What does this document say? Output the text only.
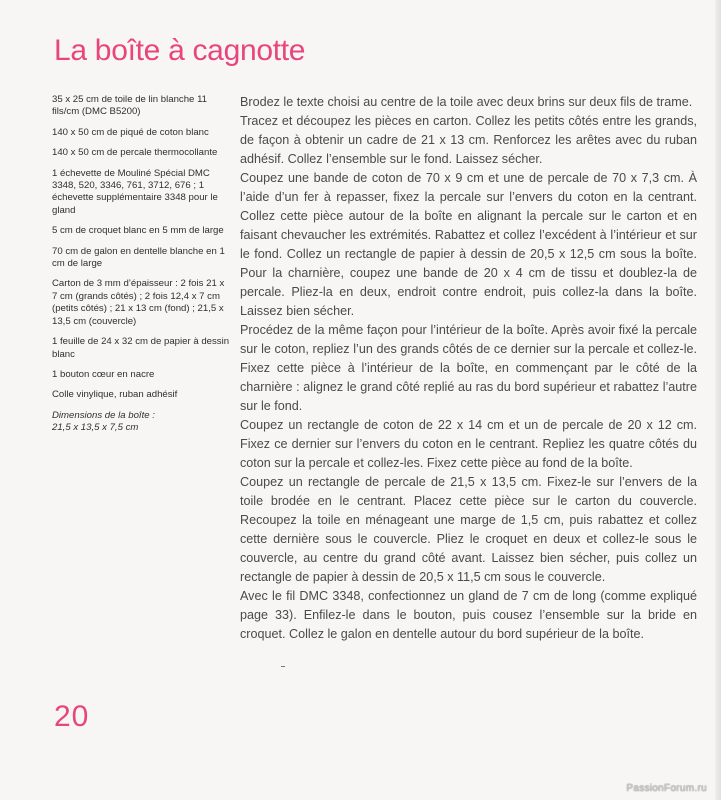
La boîte à cagnotte

35 x 25 cm de toile de lin blanche 11 fils/cm (DMC B5200)

140 x 50 cm de piqué de coton blanc

140 x 50 cm de percale thermocollante

1 échevette de Mouliné Spécial DMC 3348, 520, 3346, 761, 3712, 676 ; 1 échevette supplémentaire 3348 pour le gland

5 cm de croquet blanc en 5 mm de large

70 cm de galon en dentelle blanche en 1 cm de large

Carton de 3 mm d’épaisseur : 2 fois 21 x 7 cm (grands côtés) ; 2 fois 12,4 x 7 cm (petits côtés) ; 21 x 13 cm (fond) ; 21,5 x 13,5 cm (couvercle)

1 feuille de 24 x 32 cm de papier à dessin blanc

1 bouton cœur en nacre

Colle vinylique, ruban adhésif

Dimensions de la boîte :
21,5 x 13,5 x 7,5 cm

Brodez le texte choisi au centre de la toile avec deux brins sur deux fils de trame.

Tracez et découpez les pièces en carton. Collez les petits côtés entre les grands, de façon à obtenir un cadre de 21 x 13 cm. Renforcez les arêtes avec du ruban adhésif. Collez l’ensemble sur le fond. Laissez sécher.

Coupez une bande de coton de 70 x 9 cm et une de percale de 70 x 7,3 cm. À l’aide d’un fer à repasser, fixez la percale sur l’envers du coton en la centrant. Collez cette pièce autour de la boîte en alignant la percale sur le carton et en faisant chevaucher les extrémités. Rabattez et collez l’excédent à l’intérieur et sur le fond. Collez un rectangle de papier à dessin de 20,5 x 12,5 cm sous la boîte. Pour la charnière, coupez une bande de 20 x 4 cm de tissu et doublez-la de percale. Pliez-la en deux, endroit contre endroit, puis collez-la dans la boîte. Laissez bien sécher.

Procédez de la même façon pour l’intérieur de la boîte. Après avoir fixé la percale sur le coton, repliez l’un des grands côtés de ce dernier sur la percale et collez-le. Fixez cette pièce à l’intérieur de la boîte, en commençant par le côté de la charnière : alignez le grand côté replié au ras du bord supérieur et rabattez l’autre sur le fond.

Coupez un rectangle de coton de 22 x 14 cm et un de percale de 20 x 12 cm. Fixez ce dernier sur l’envers du coton en le centrant. Repliez les quatre côtés du coton sur la percale et collez-les. Fixez cette pièce au fond de la boîte.

Coupez un rectangle de percale de 21,5 x 13,5 cm. Fixez-le sur l’envers de la toile brodée en le centrant. Placez cette pièce sur le carton du couvercle. Recoupez la toile en ménageant une marge de 1,5 cm, puis rabattez et collez cette dernière sous le couvercle. Pliez le croquet en deux et collez-le sous le couvercle, au centre du grand côté avant. Laissez bien sécher, puis collez un rectangle de papier à dessin de 20,5 x 11,5 cm sous le couvercle.

Avec le fil DMC 3348, confectionnez un gland de 7 cm de long (comme expliqué page 33). Enfilez-le dans le bouton, puis cousez l’ensemble sur la bride en croquet. Collez le galon en dentelle autour du bord supérieur de la boîte.

20
PassionForum.ru
